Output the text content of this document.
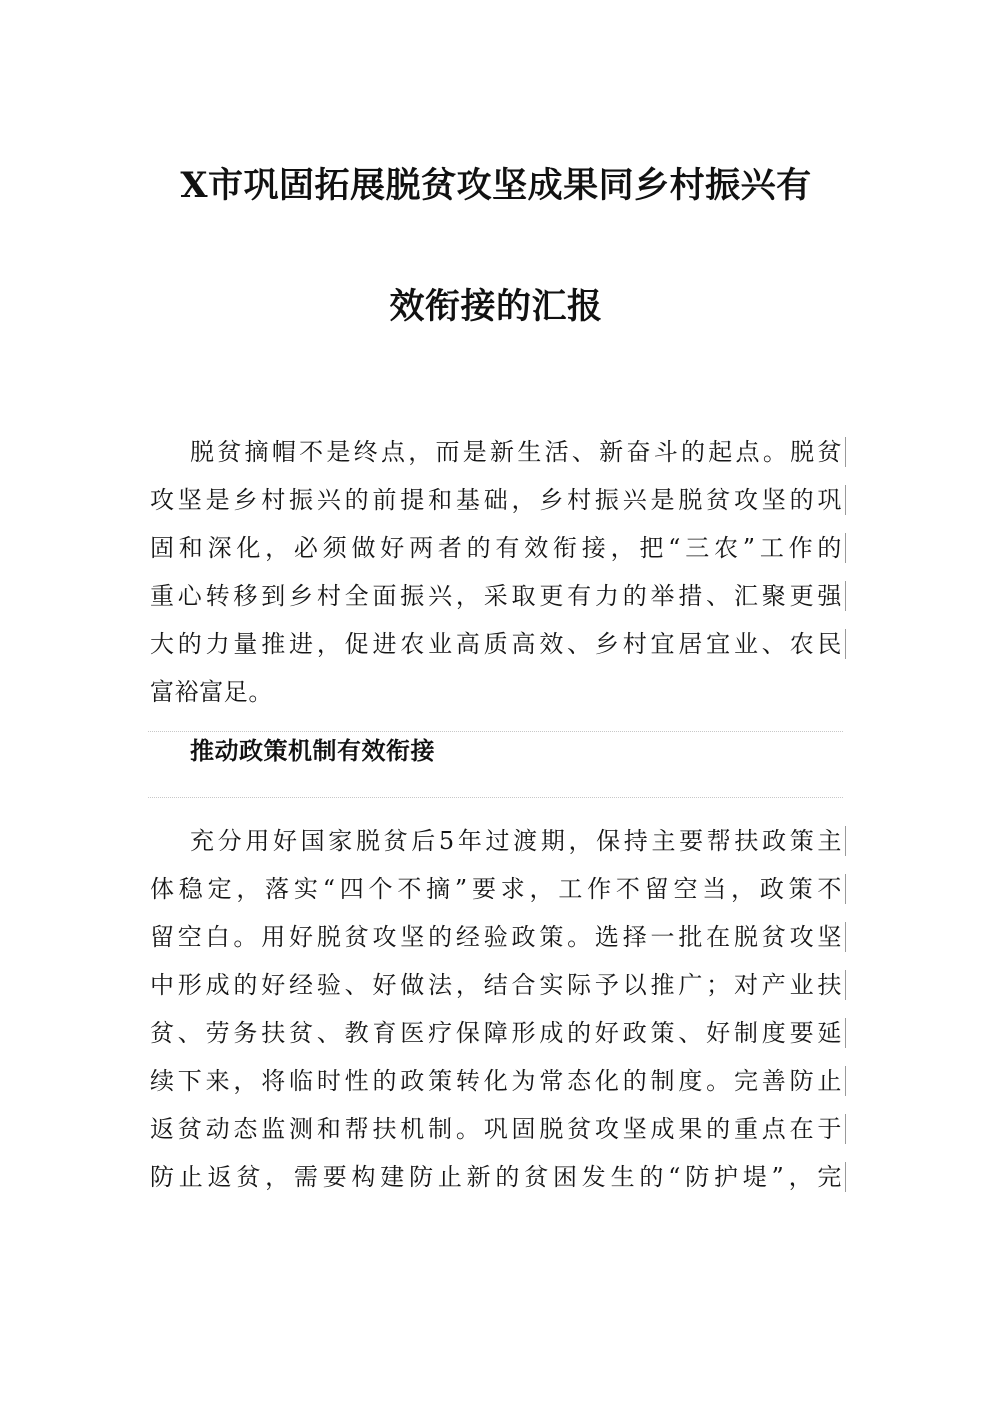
X市巩固拓展脱贫攻坚成果同乡村振兴有
效衔接的汇报
脱贫摘帽不是终点，而是新生活、新奋斗的起点。脱贫
攻坚是乡村振兴的前提和基础，乡村振兴是脱贫攻坚的巩
固和深化，必须做好两者的有效衔接，把“三农”工作的
重心转移到乡村全面振兴，采取更有力的举措、汇聚更强
大的力量推进，促进农业高质高效、乡村宜居宜业、农民
富裕富足。
推动政策机制有效衔接
充分用好国家脱贫后5年过渡期，保持主要帮扶政策主
体稳定，落实“四个不摘”要求，工作不留空当，政策不
留空白。用好脱贫攻坚的经验政策。选择一批在脱贫攻坚
中形成的好经验、好做法，结合实际予以推广；对产业扶
贫、劳务扶贫、教育医疗保障形成的好政策、好制度要延
续下来，将临时性的政策转化为常态化的制度。完善防止
返贫动态监测和帮扶机制。巩固脱贫攻坚成果的重点在于
防止返贫，需要构建防止新的贫困发生的“防护堤”，完
